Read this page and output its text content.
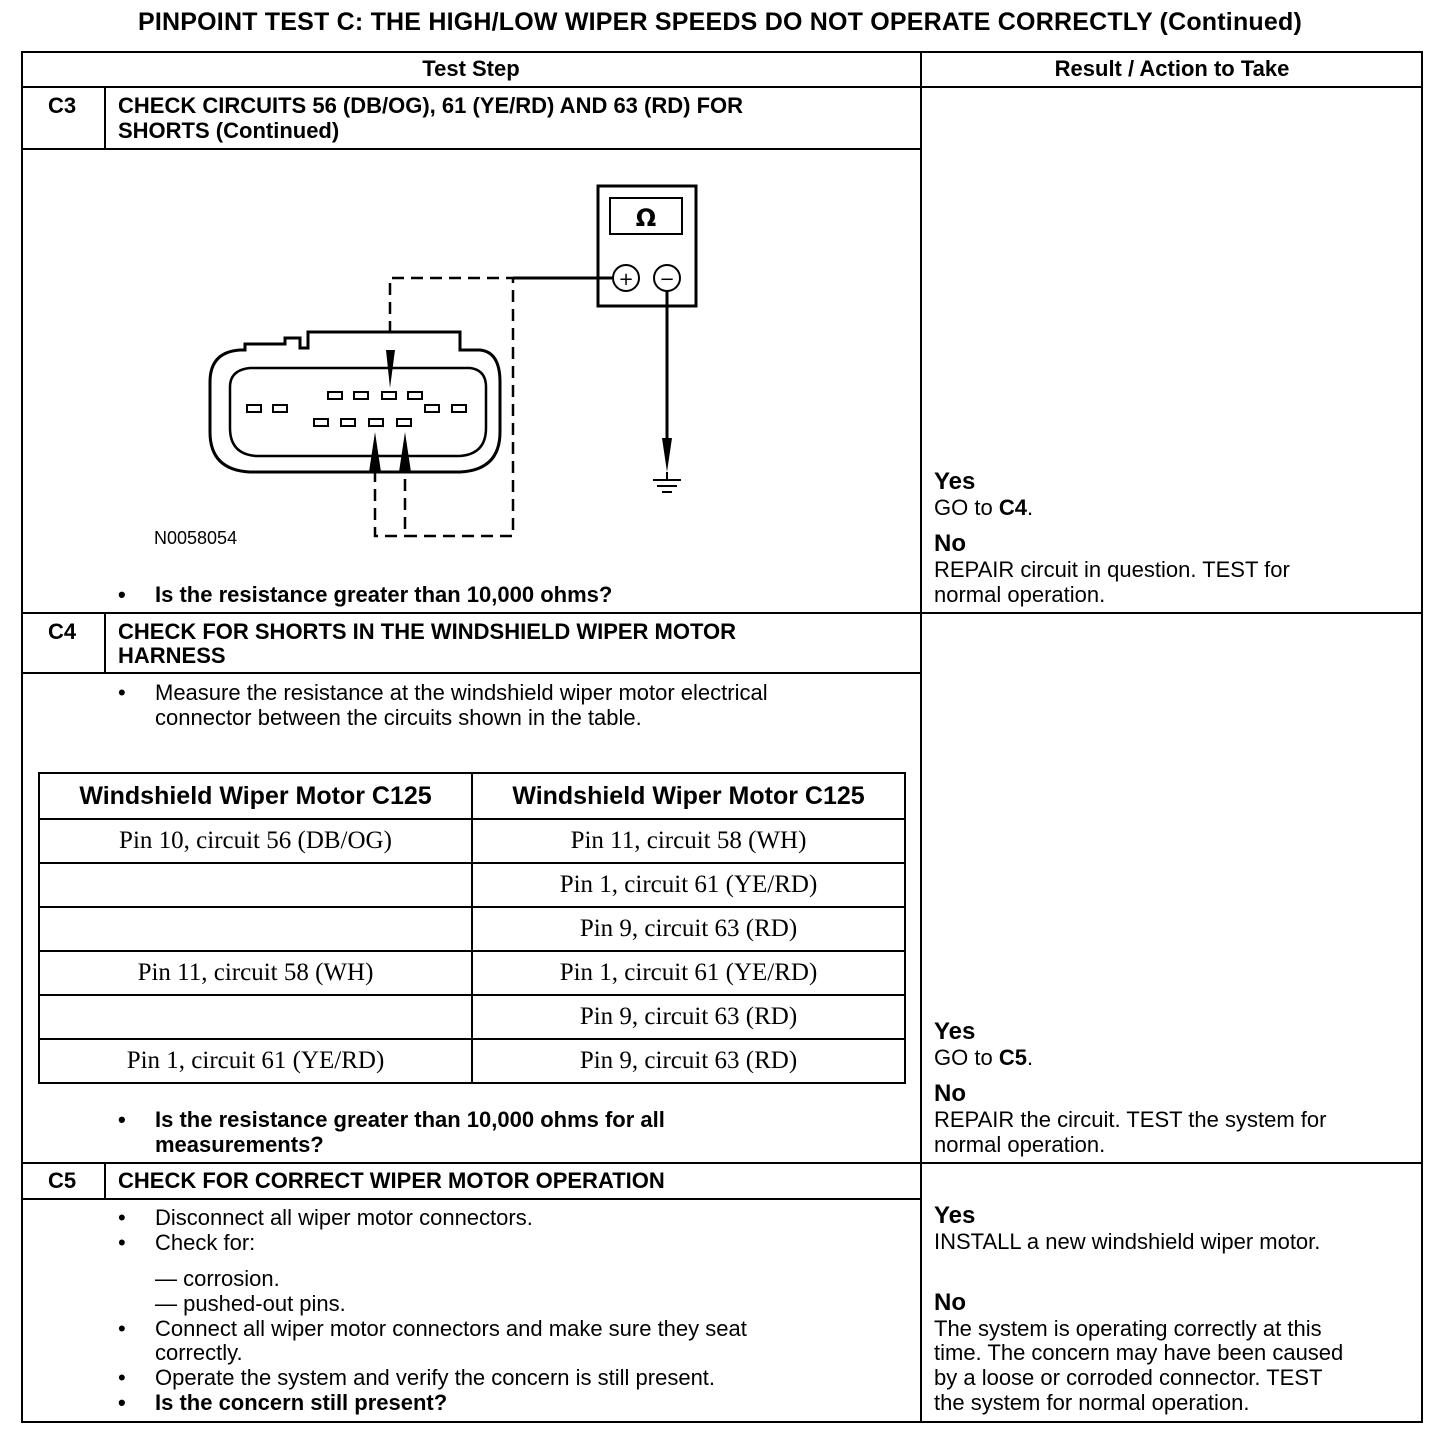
PINPOINT TEST C: THE HIGH/LOW WIPER SPEEDS DO NOT OPERATE CORRECTLY (Continued)
Test Step	Result / Action to Take
C3 CHECK CIRCUITS 56 (DB/OG), 61 (YE/RD) AND 63 (RD) FOR
SHORTS (Continued)
Ω
+ −
N0058054
• Is the resistance greater than 10,000 ohms?
Yes
GO to C4.
No
REPAIR circuit in question. TEST for
normal operation.
C4 CHECK FOR SHORTS IN THE WINDSHIELD WIPER MOTOR
HARNESS
• Measure the resistance at the windshield wiper motor electrical
connector between the circuits shown in the table.
Windshield Wiper Motor C125	Windshield Wiper Motor C125
Pin 10, circuit 56 (DB/OG)	Pin 11, circuit 58 (WH)
	Pin 1, circuit 61 (YE/RD)
	Pin 9, circuit 63 (RD)
Pin 11, circuit 58 (WH)	Pin 1, circuit 61 (YE/RD)
	Pin 9, circuit 63 (RD)
Pin 1, circuit 61 (YE/RD)	Pin 9, circuit 63 (RD)
• Is the resistance greater than 10,000 ohms for all
measurements?
Yes
GO to C5.
No
REPAIR the circuit. TEST the system for
normal operation.
C5 CHECK FOR CORRECT WIPER MOTOR OPERATION
• Disconnect all wiper motor connectors.
• Check for:
— corrosion.
— pushed-out pins.
• Connect all wiper motor connectors and make sure they seat
correctly.
• Operate the system and verify the concern is still present.
• Is the concern still present?
Yes
INSTALL a new windshield wiper motor.
No
The system is operating correctly at this
time. The concern may have been caused
by a loose or corroded connector. TEST
the system for normal operation.
